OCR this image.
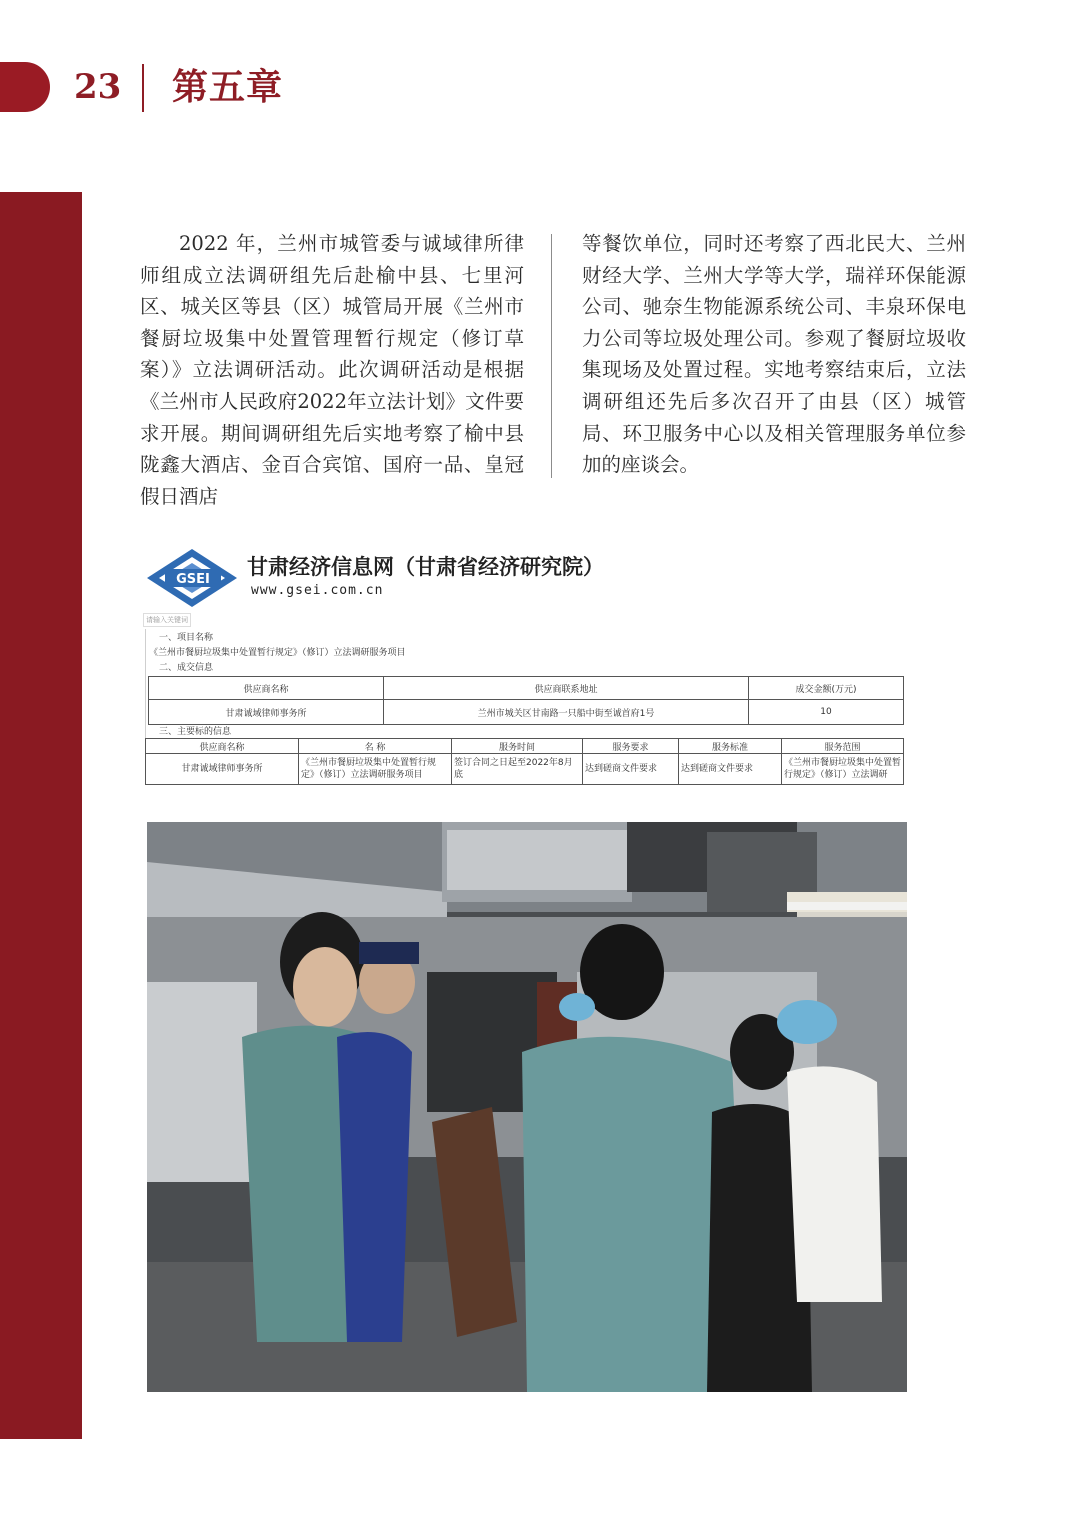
23 第五章
2022 年，兰州市城管委与诚域律所律师组成立法调研组先后赴榆中县、七里河区、城关区等县（区）城管局开展《兰州市餐厨垃圾集中处置管理暂行规定（修订草案）》立法调研活动。此次调研活动是根据《兰州市人民政府2022年立法计划》文件要求开展。期间调研组先后实地考察了榆中县陇鑫大酒店、金百合宾馆、国府一品、皇冠假日酒店
等餐饮单位，同时还考察了西北民大、兰州财经大学、兰州大学等大学，瑞祥环保能源公司、驰奈生物能源系统公司、丰泉环保电力公司等垃圾处理公司。参观了餐厨垃圾收集现场及处置过程。实地考察结束后，立法调研组还先后多次召开了由县（区）城管局、环卫服务中心以及相关管理服务单位参加的座谈会。
GSEI
甘肃经济信息网（甘肃省经济研究院）
www.gsei.com.cn
请输入关键词
一、项目名称
《兰州市餐厨垃圾集中处置暂行规定》（修订）立法调研服务项目
二、成交信息
供应商名称	供应商联系地址	成交金额(万元)
甘肃诚域律师事务所	兰州市城关区甘南路一只船中街至诚首府1号	10
三、主要标的信息
供应商名称	名 称	服务时间	服务要求	服务标准	服务范围
甘肃诚域律师事务所	《兰州市餐厨垃圾集中处置暂行规定》（修订）立法调研服务项目	签订合同之日起至2022年8月底	达到磋商文件要求	达到磋商文件要求	《兰州市餐厨垃圾集中处置暂行规定》（修订）立法调研
